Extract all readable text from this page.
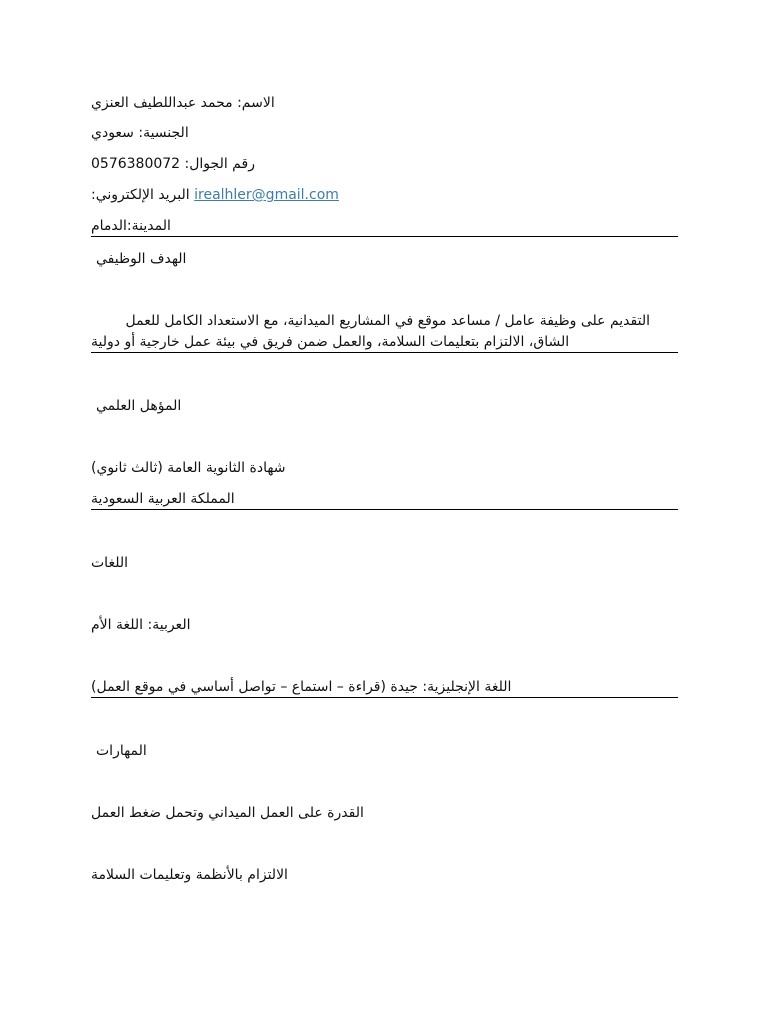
الاسم: محمد عبداللطيف العنزي
الجنسية: سعودي
0576380072 رقم الجوال:
البريد الإلكتروني: irealhler@gmail.com
المدينة:الدمام
الهدف الوظيفي
التقديم على وظيفة عامل / مساعد موقع في المشاريع الميدانية، مع الاستعداد الكامل للعمل
الشاق، الالتزام بتعليمات السلامة، والعمل ضمن فريق في بيئة عمل خارجية أو دولية
المؤهل العلمي
شهادة الثانوية العامة (ثالث ثانوي)
المملكة العربية السعودية
اللغات
العربية: اللغة الأم
اللغة الإنجليزية: جيدة (قراءة – استماع – تواصل أساسي في موقع العمل)
المهارات
القدرة على العمل الميداني وتحمل ضغط العمل
الالتزام بالأنظمة وتعليمات السلامة
